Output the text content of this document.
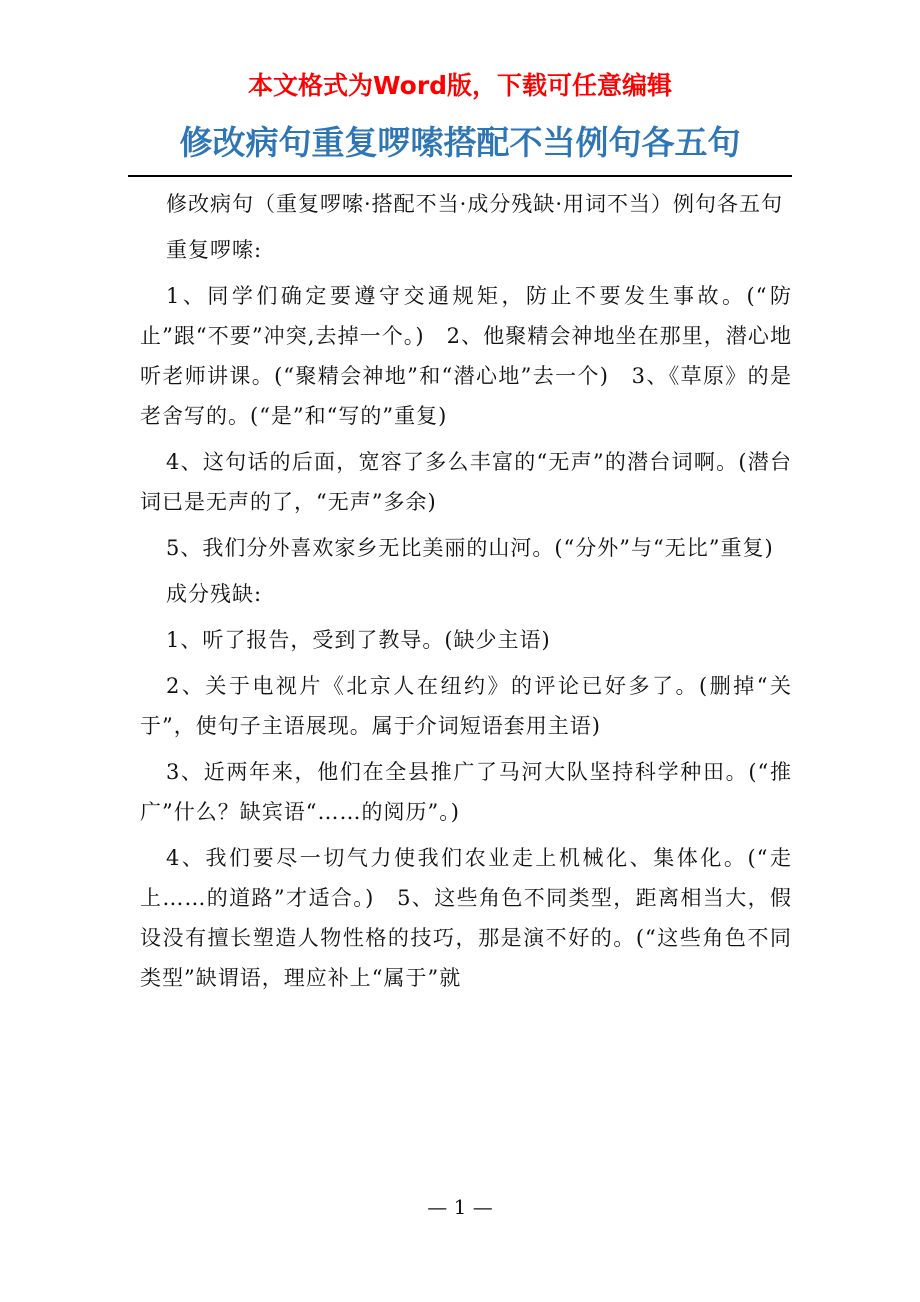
本文格式为Word版，下载可任意编辑
修改病句重复啰嗦搭配不当例句各五句

修改病句（重复啰嗦·搭配不当·成分残缺·用词不当）例句各五句

重复啰嗦:

1、同学们确定要遵守交通规矩，防止不要发生事故。(“防止”跟“不要”冲突,去掉一个。)　2、他聚精会神地坐在那里，潜心地听老师讲课。(“聚精会神地”和“潜心地”去一个)　3、《草原》的是老舍写的。(“是”和“写的”重复)

4、这句话的后面，宽容了多么丰富的“无声”的潜台词啊。(潜台词已是无声的了，“无声”多余)

5、我们分外喜欢家乡无比美丽的山河。(“分外”与“无比”重复)

成分残缺:

1、听了报告，受到了教导。(缺少主语)

2、关于电视片《北京人在纽约》的评论已好多了。(删掉“关于”，使句子主语展现。属于介词短语套用主语)

3、近两年来，他们在全县推广了马河大队坚持科学种田。(“推广”什么？缺宾语“……的阅历”。)

4、我们要尽一切气力使我们农业走上机械化、集体化。(“走上……的道路”才适合。)　5、这些角色不同类型，距离相当大，假设没有擅长塑造人物性格的技巧，那是演不好的。(“这些角色不同类型”缺谓语，理应补上“属于”就

— 1 —
